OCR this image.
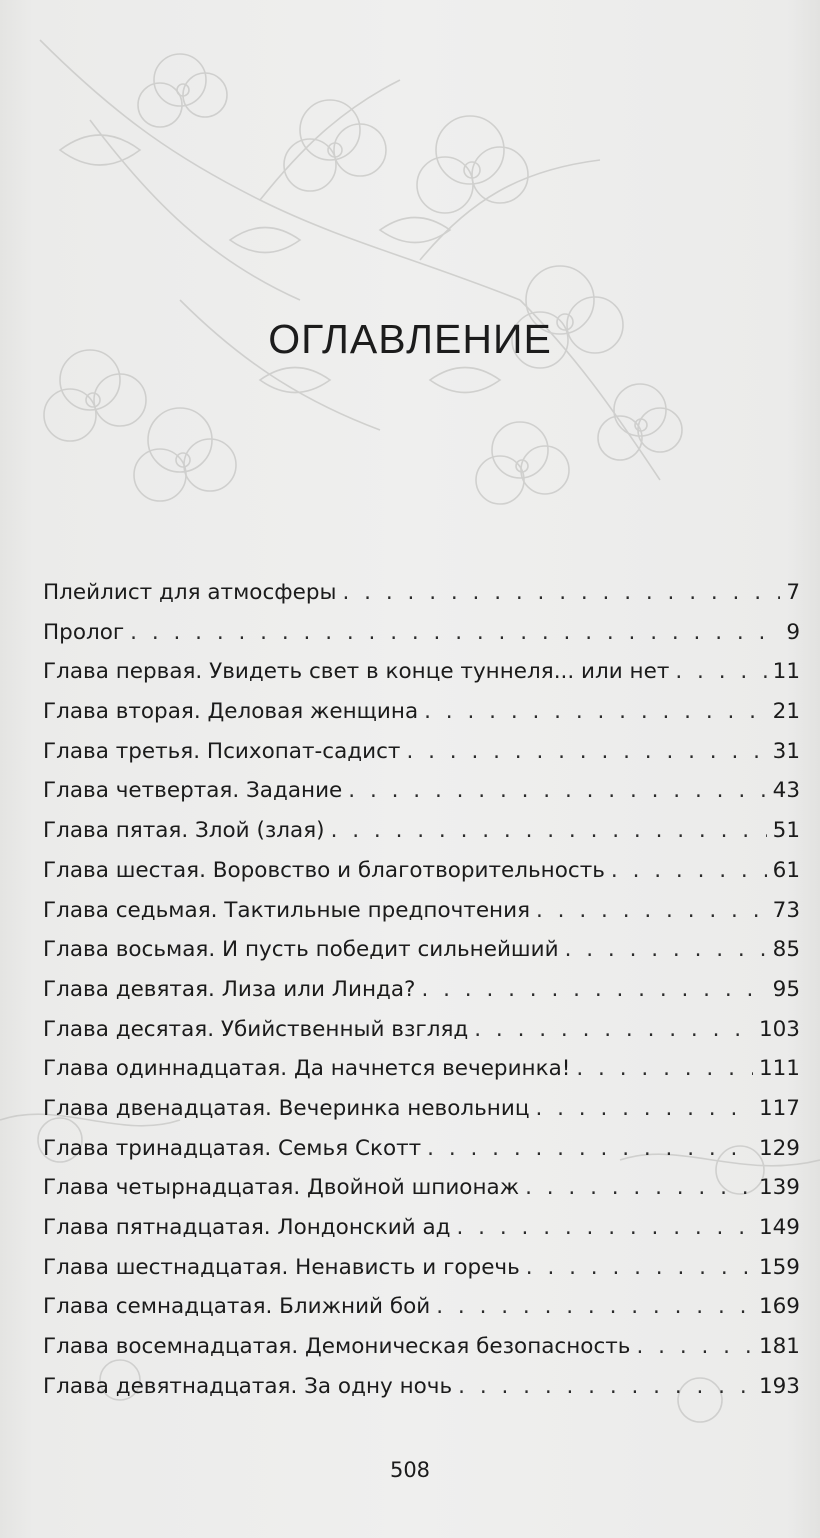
ОГЛАВЛЕНИЕ
Плейлист для атмосферы . . .	7
Пролог . . .	9
Глава первая. Увидеть свет в конце туннеля... или нет . . .	11
Глава вторая. Деловая женщина . . .	21
Глава третья. Психопат-садист . . .	31
Глава четвертая. Задание . . .	43
Глава пятая. Злой (злая) . . .	51
Глава шестая. Воровство и благотворительность . . .	61
Глава седьмая. Тактильные предпочтения . . .	73
Глава восьмая. И пусть победит сильнейший . . .	85
Глава девятая. Лиза или Линда? . . .	95
Глава десятая. Убийственный взгляд . . .	103
Глава одиннадцатая. Да начнется вечеринка! . . .	111
Глава двенадцатая. Вечеринка невольниц . . .	117
Глава тринадцатая. Семья Скотт . . .	129
Глава четырнадцатая. Двойной шпионаж . . .	139
Глава пятнадцатая. Лондонский ад . . .	149
Глава шестнадцатая. Ненависть и горечь . . .	159
Глава семнадцатая. Ближний бой . . .	169
Глава восемнадцатая. Демоническая безопасность . . .	181
Глава девятнадцатая. За одну ночь . . .	193
508
